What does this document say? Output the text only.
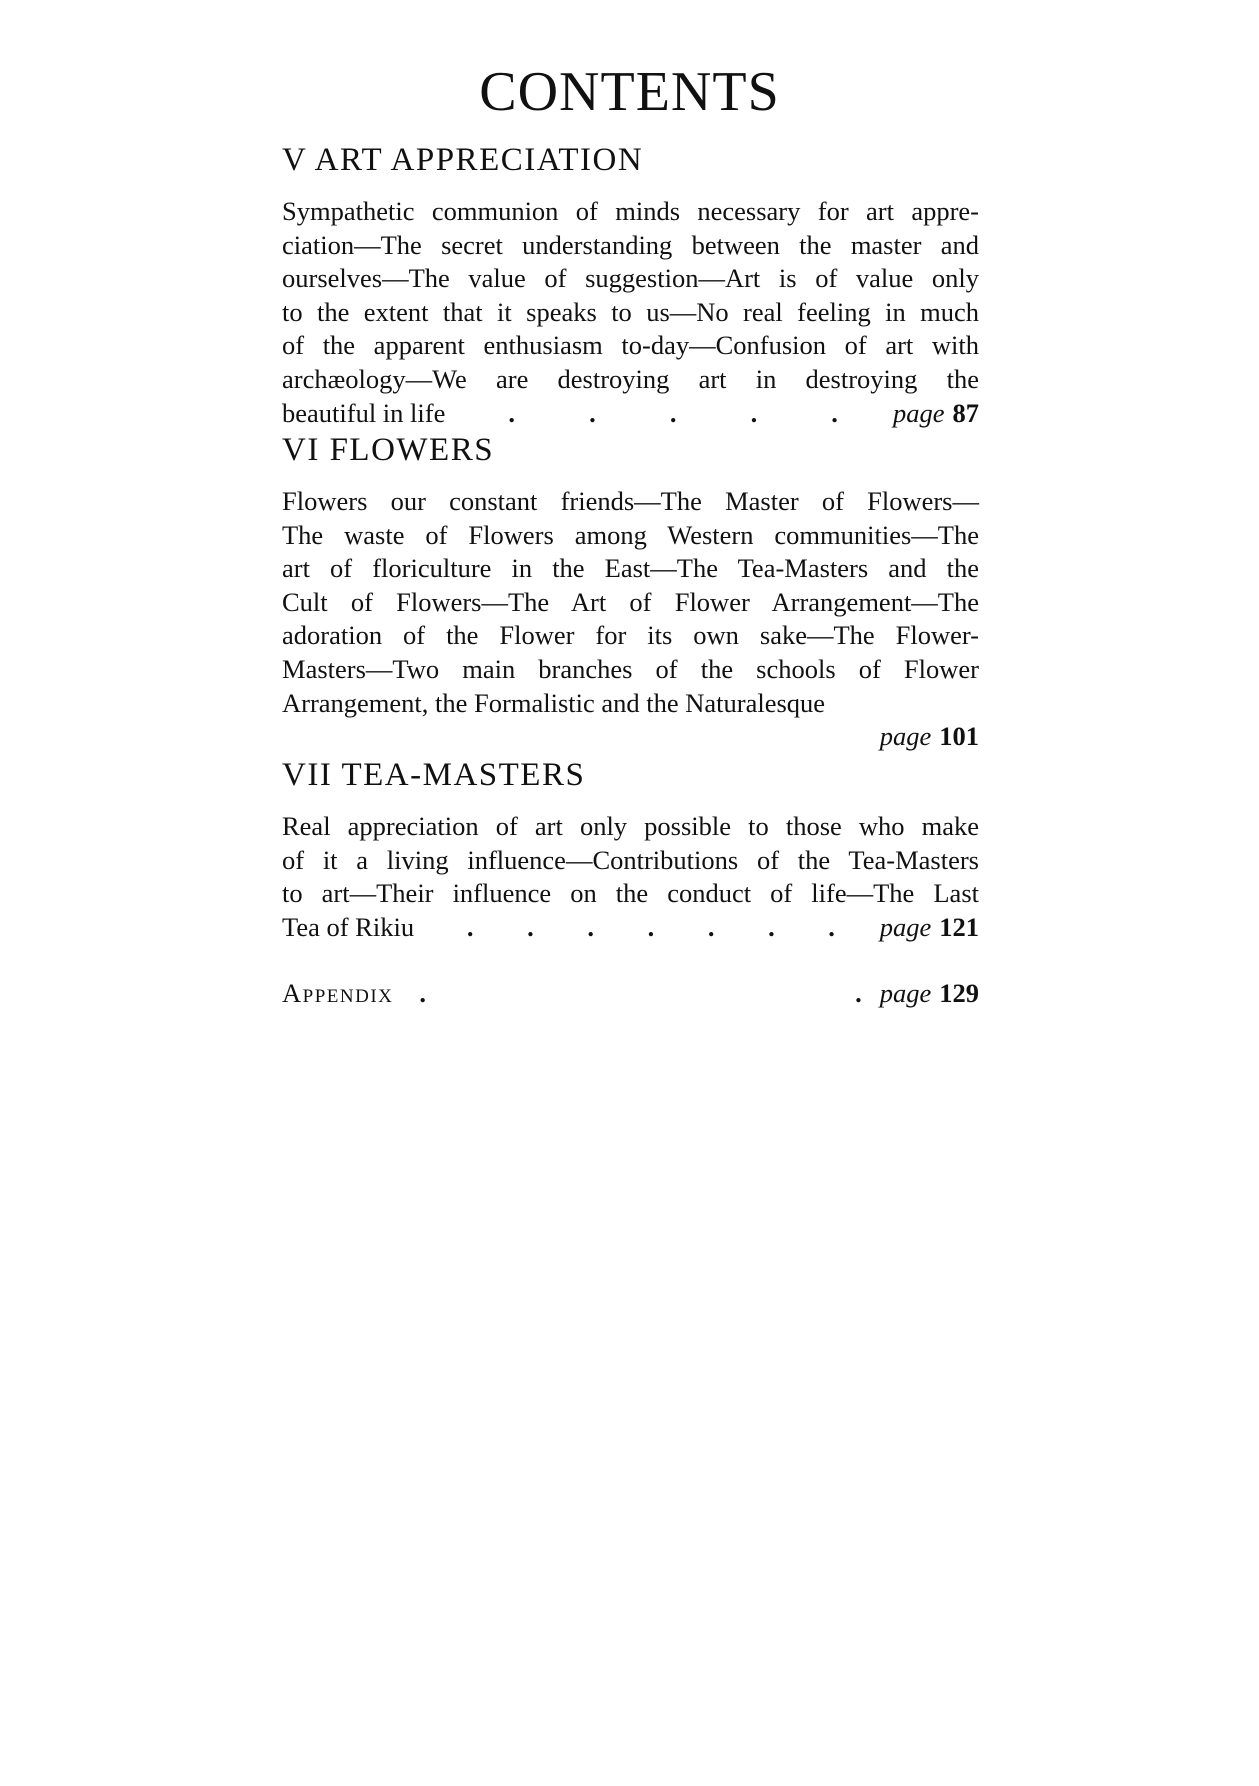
CONTENTS
V ART APPRECIATION
Sympathetic communion of minds necessary for art appre-
ciation—The secret understanding between the master and
ourselves—The value of suggestion—Art is of value only
to the extent that it speaks to us—No real feeling in much
of the apparent enthusiasm to-day—Confusion of art with
archæology—We are destroying art in destroying the
beautiful in life .	.	.	.	. page 87
VI FLOWERS
Flowers our constant friends—The Master of Flowers—
The waste of Flowers among Western communities—The
art of floriculture in the East—The Tea-Masters and the
Cult of Flowers—The Art of Flower Arrangement—The
adoration of the Flower for its own sake—The Flower-
Masters—Two main branches of the schools of Flower
Arrangement, the Formalistic and the Naturalesque
page 101
VII TEA-MASTERS
Real appreciation of art only possible to those who make
of it a living influence—Contributions of the Tea-Masters
to art—Their influence on the conduct of life—The Last
Tea of Rikiu . . . . . . . page 121
Appendix .	. page 129
